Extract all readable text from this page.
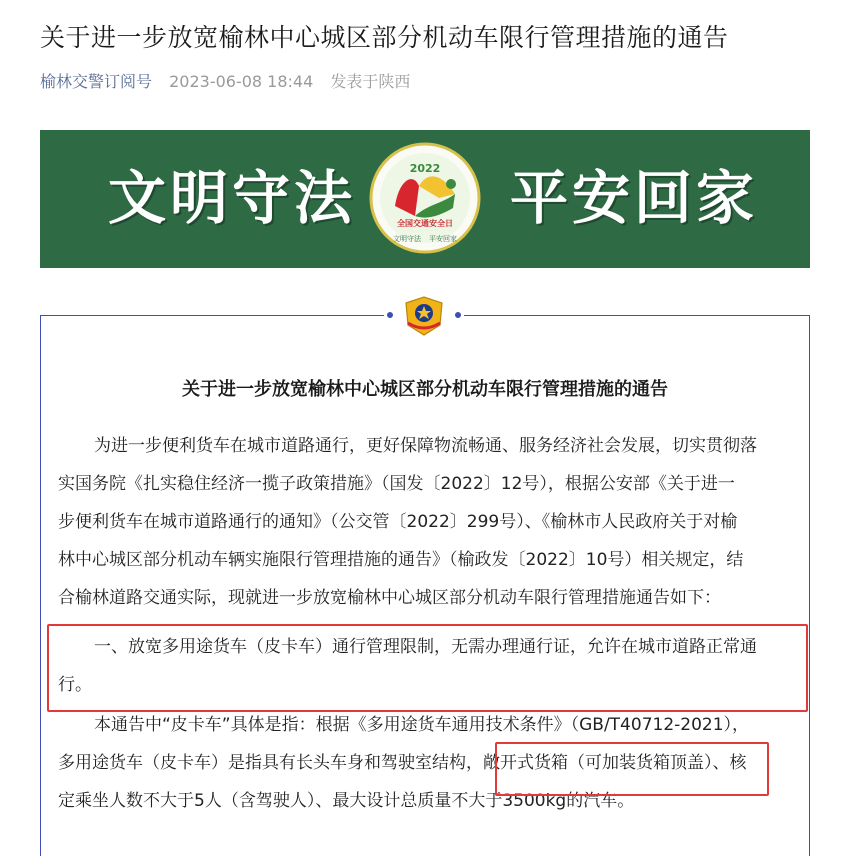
关于进一步放宽榆林中心城区部分机动车限行管理措施的通告
榆林交警订阅号 2023-06-08 18:44 发表于陕西
文明守法	2022
全国交通安全日
文明守法 平安回家
平安回家
关于进一步放宽榆林中心城区部分机动车限行管理措施的通告
为进一步便利货车在城市道路通行，更好保障物流畅通、服务经济社会发展，切实贯彻落
实国务院《扎实稳住经济一揽子政策措施》（国发〔2022〕12号），根据公安部《关于进一
步便利货车在城市道路通行的通知》（公交管〔2022〕299号）、《榆林市人民政府关于对榆
林中心城区部分机动车辆实施限行管理措施的通告》（榆政发〔2022〕10号）相关规定，结
合榆林道路交通实际，现就进一步放宽榆林中心城区部分机动车限行管理措施通告如下：
一、放宽多用途货车（皮卡车）通行管理限制，无需办理通行证，允许在城市道路正常通
行。
本通告中“皮卡车”具体是指：根据《多用途货车通用技术条件》（GB/T40712-2021），
多用途货车（皮卡车）是指具有长头车身和驾驶室结构，敞开式货箱（可加装货箱顶盖）、核
定乘坐人数不大于5人（含驾驶人）、最大设计总质量不大于3500kg的汽车。
